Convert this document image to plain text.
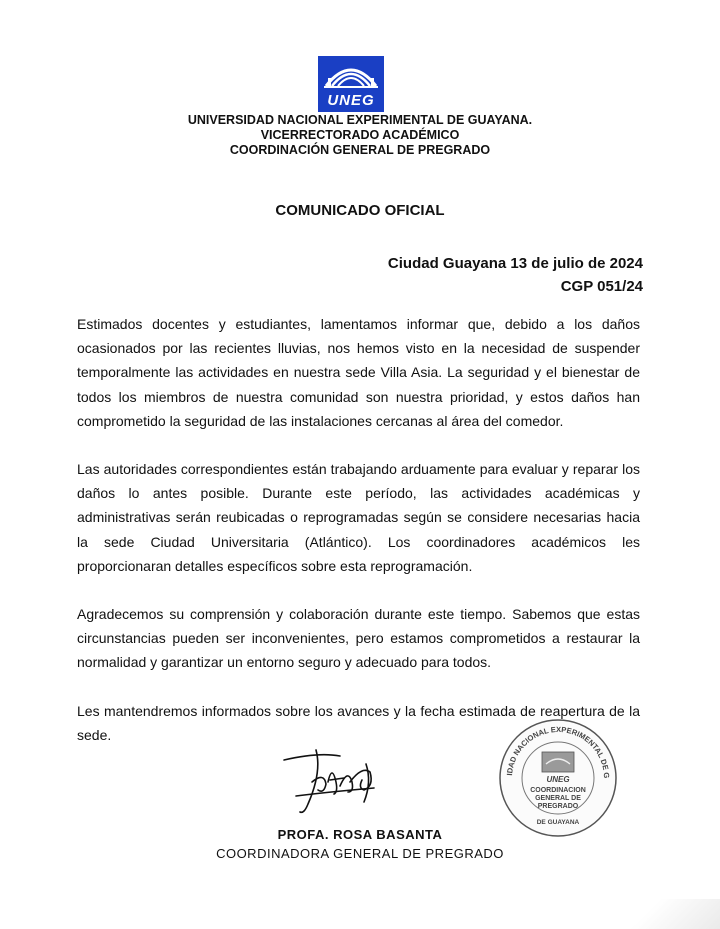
UNEG
UNIVERSIDAD NACIONAL EXPERIMENTAL DE GUAYANA.
VICERRECTORADO ACADÉMICO
COORDINACIÓN GENERAL DE PREGRADO
COMUNICADO OFICIAL
Ciudad Guayana 13 de julio de 2024
CGP 051/24

Estimados docentes y estudiantes, lamentamos informar que, debido a los daños ocasionados por las recientes lluvias, nos hemos visto en la necesidad de suspender temporalmente las actividades en nuestra sede Villa Asia. La seguridad y el bienestar de todos los miembros de nuestra comunidad son nuestra prioridad, y estos daños han comprometido la seguridad de las instalaciones cercanas al área del comedor.

Las autoridades correspondientes están trabajando arduamente para evaluar y reparar los daños lo antes posible. Durante este período, las actividades académicas y administrativas serán reubicadas o reprogramadas según se considere necesarias hacia la sede Ciudad Universitaria (Atlántico). Los coordinadores académicos les proporcionaran detalles específicos sobre esta reprogramación.

Agradecemos su comprensión y colaboración durante este tiempo. Sabemos que estas circunstancias pueden ser inconvenientes, pero estamos comprometidos a restaurar la normalidad y garantizar un entorno seguro y adecuado para todos.

Les mantendremos informados sobre los avances y la fecha estimada de reapertura de la sede.

PROFA. ROSA BASANTA
COORDINADORA GENERAL DE PREGRADO
IDAD NACIONAL EXPERIMENTAL DE G
UNEG
COORDINACION
GENERAL DE
PREGRADO
DE GUAYANA
